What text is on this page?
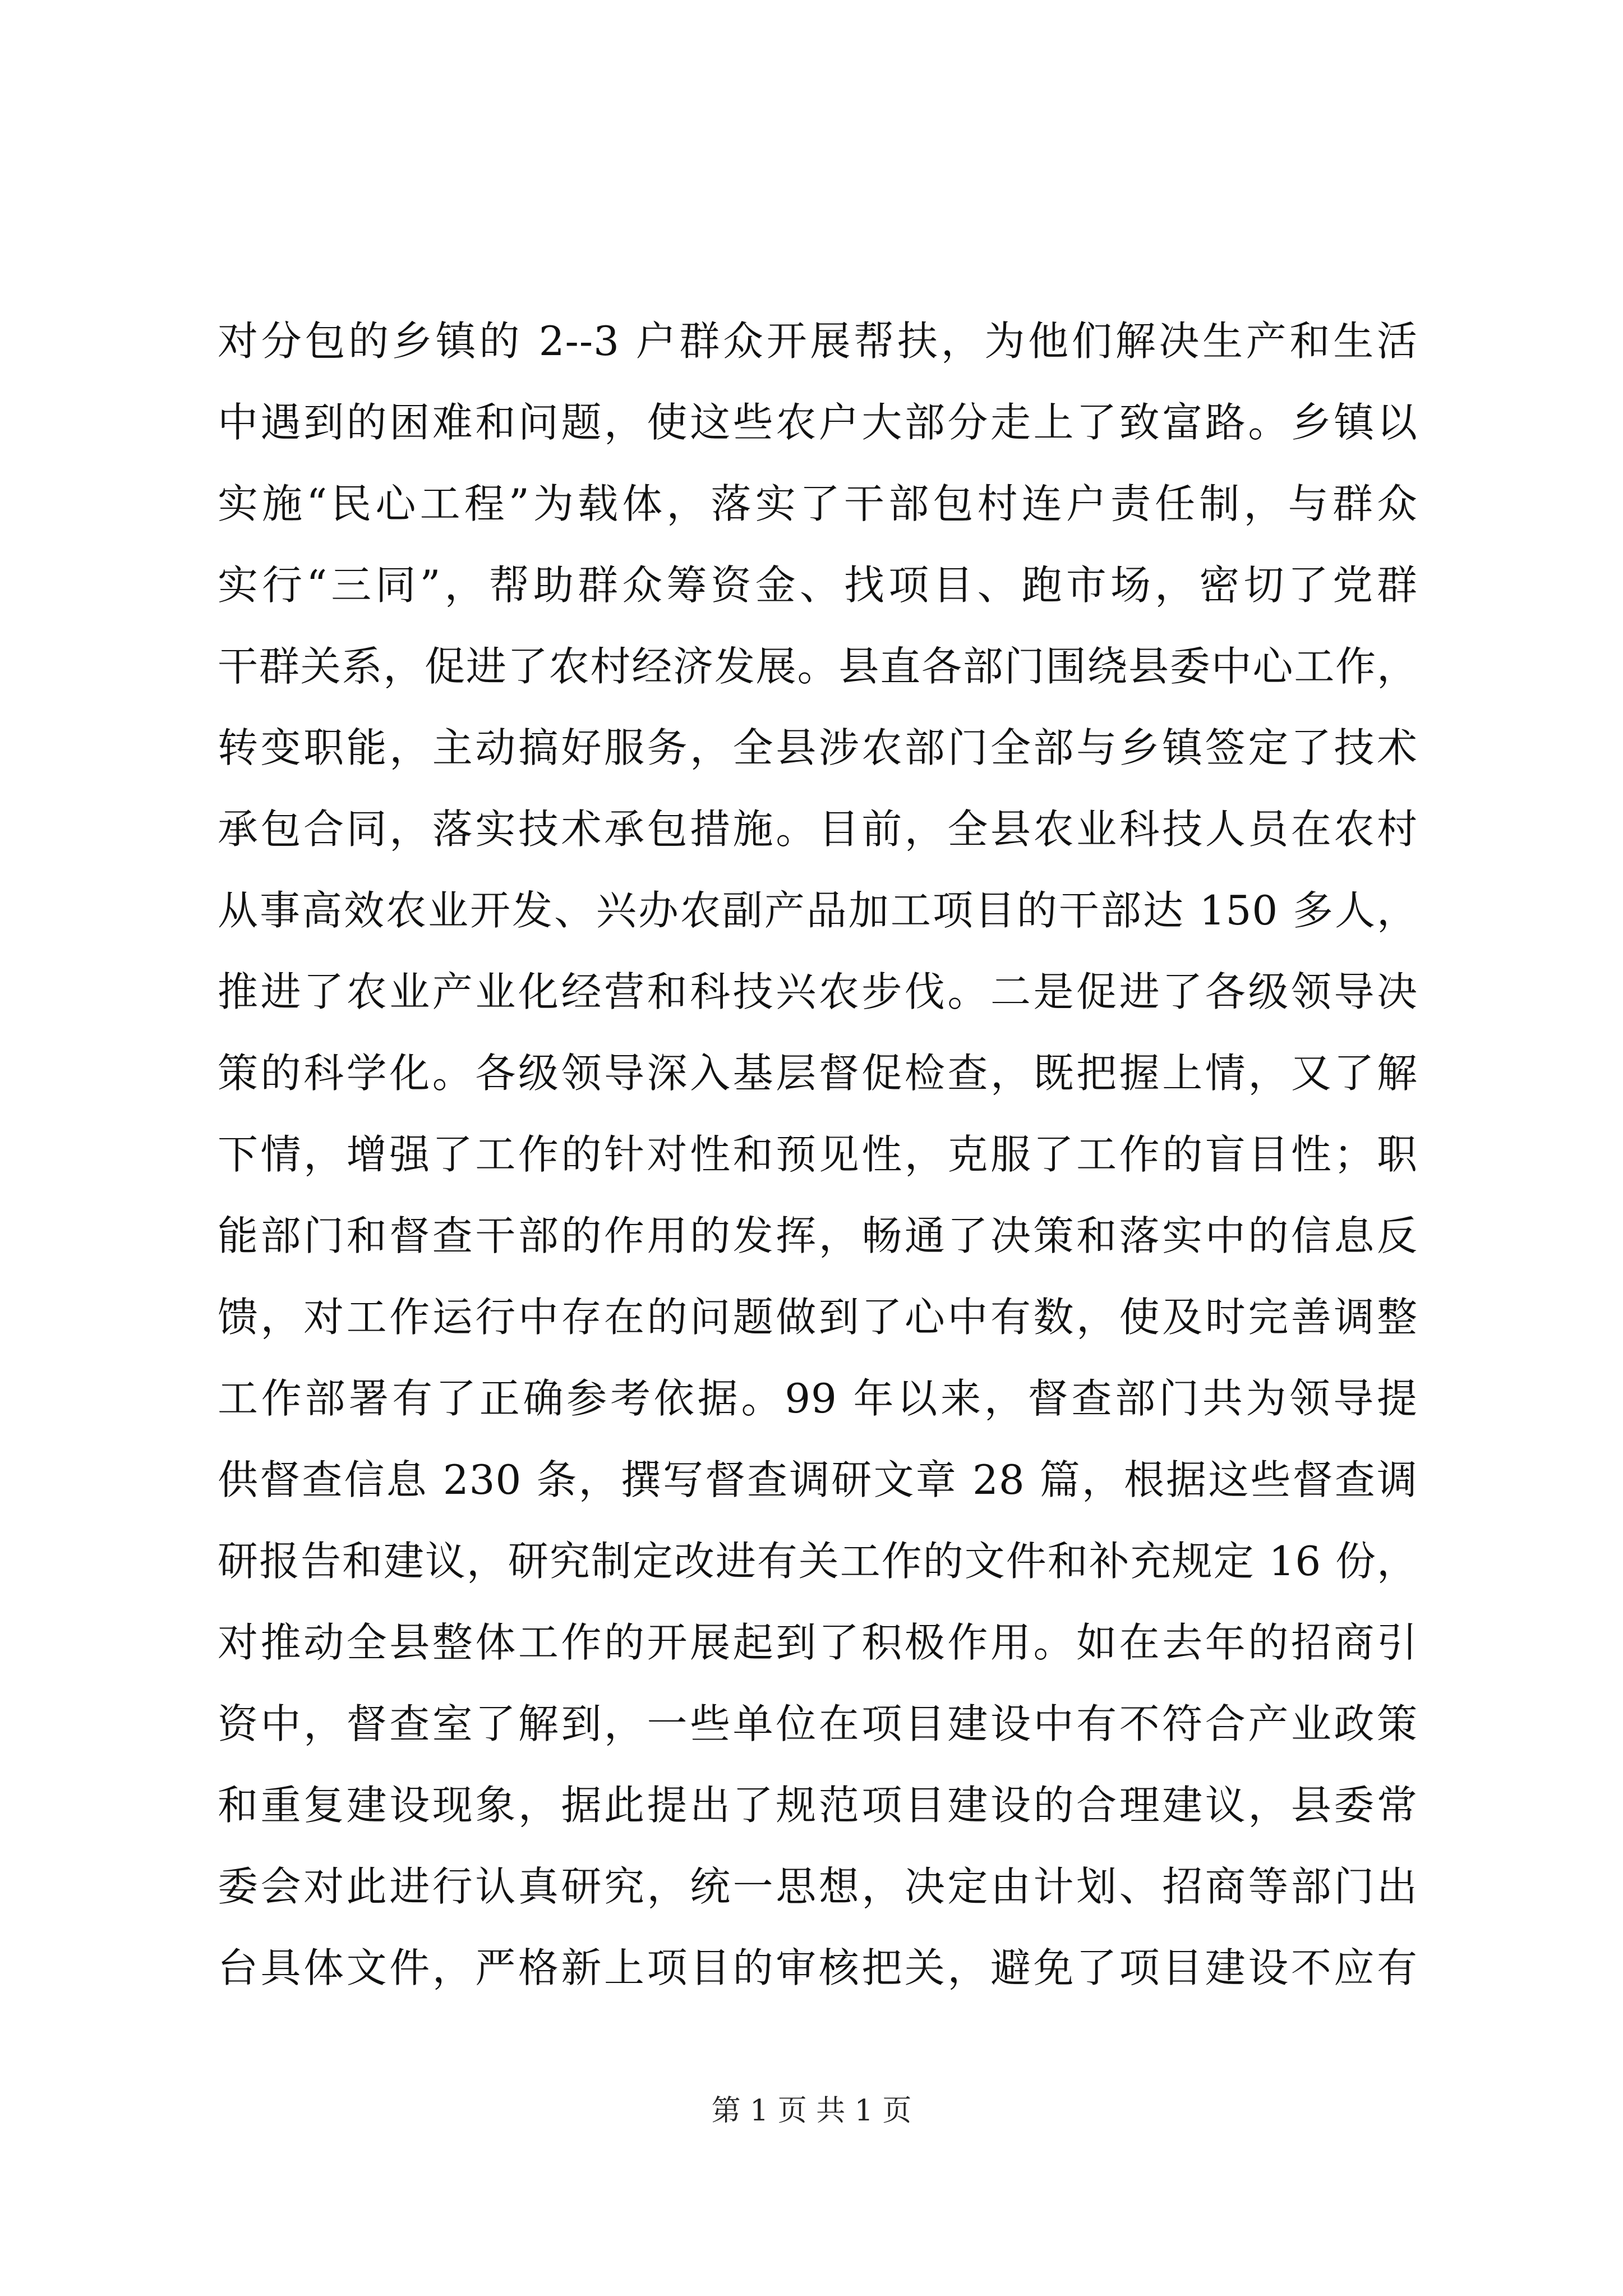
对分包的乡镇的 2--3 户群众开展帮扶，为他们解决生产和生活
中遇到的困难和问题，使这些农户大部分走上了致富路。乡镇以
实施“民心工程”为载体，落实了干部包村连户责任制，与群众
实行“三同”，帮助群众筹资金、找项目、跑市场，密切了党群
干群关系，促进了农村经济发展。县直各部门围绕县委中心工作，
转变职能，主动搞好服务，全县涉农部门全部与乡镇签定了技术
承包合同，落实技术承包措施。目前，全县农业科技人员在农村
从事高效农业开发、兴办农副产品加工项目的干部达 150 多人，
推进了农业产业化经营和科技兴农步伐。二是促进了各级领导决
策的科学化。各级领导深入基层督促检查，既把握上情，又了解
下情，增强了工作的针对性和预见性，克服了工作的盲目性；职
能部门和督查干部的作用的发挥，畅通了决策和落实中的信息反
馈，对工作运行中存在的问题做到了心中有数，使及时完善调整
工作部署有了正确参考依据。99 年以来，督查部门共为领导提
供督查信息 230 条，撰写督查调研文章 28 篇，根据这些督查调
研报告和建议，研究制定改进有关工作的文件和补充规定 16 份，
对推动全县整体工作的开展起到了积极作用。如在去年的招商引
资中，督查室了解到，一些单位在项目建设中有不符合产业政策
和重复建设现象，据此提出了规范项目建设的合理建议，县委常
委会对此进行认真研究，统一思想，决定由计划、招商等部门出
台具体文件，严格新上项目的审核把关，避免了项目建设不应有
第 1 页 共 1 页
